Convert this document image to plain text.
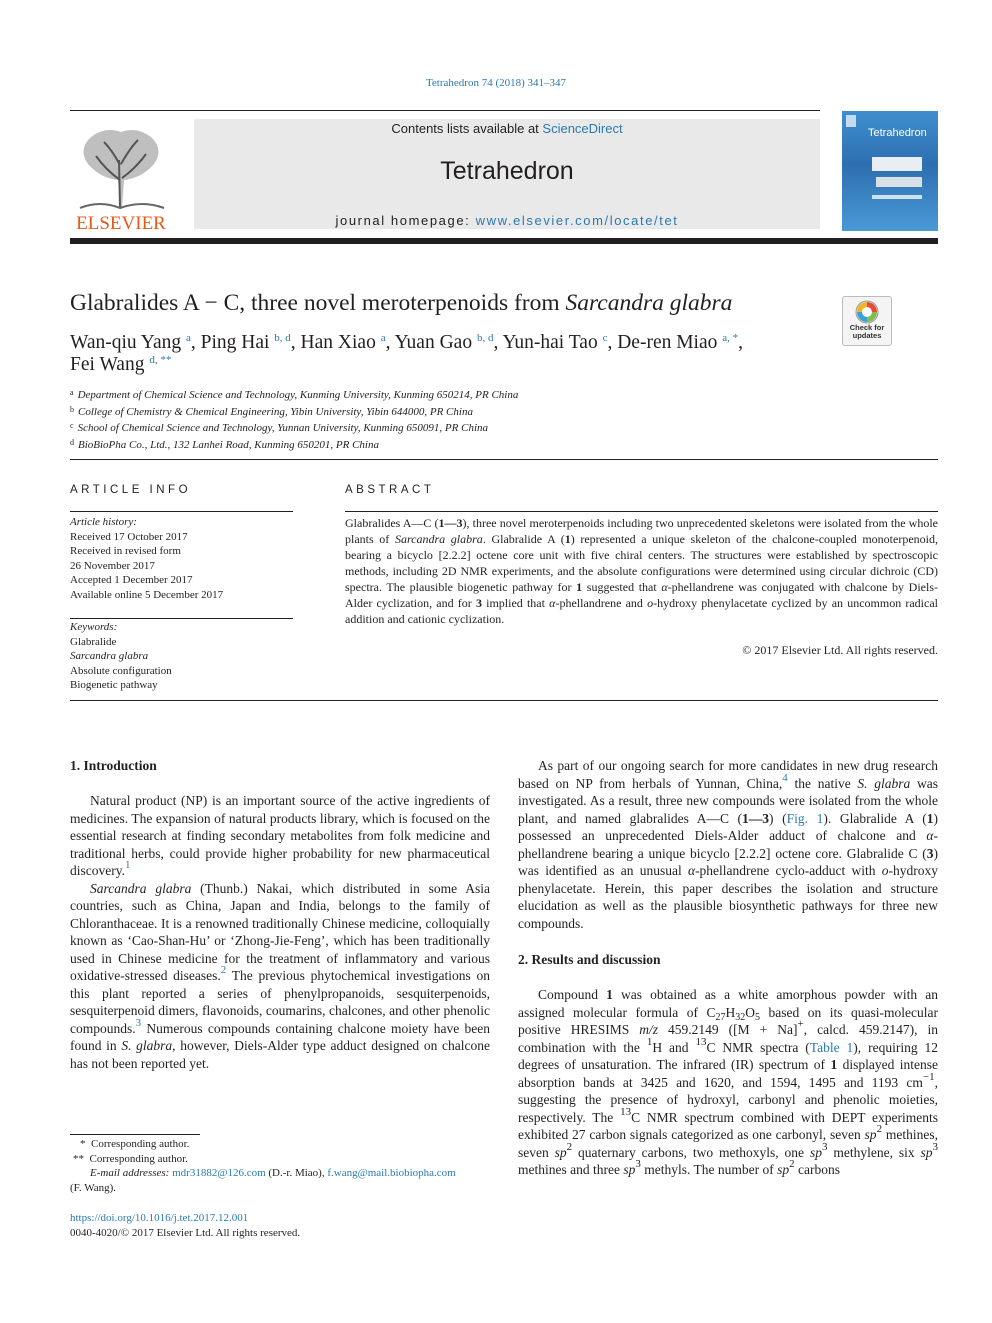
Tetrahedron 74 (2018) 341–347
ELSEVIER
Contents lists available at ScienceDirect
Tetrahedron
journal homepage: www.elsevier.com/locate/tet
Tetrahedron
Glabralides A − C, three novel meroterpenoids from Sarcandra glabra
Check for updates
Wan-qiu Yang $^a$, Ping Hai $^{b, d}$, Han Xiao $^a$, Yuan Gao $^{b, d}$, Yun-hai Tao $^c$, De-ren Miao $^{a, *}$,
Fei Wang $^{d, **}$
$^a$ Department of Chemical Science and Technology, Kunming University, Kunming 650214, PR China
$^b$ College of Chemistry & Chemical Engineering, Yibin University, Yibin 644000, PR China
$^c$ School of Chemical Science and Technology, Yunnan University, Kunming 650091, PR China
$^d$ BioBioPha Co., Ltd., 132 Lanhei Road, Kunming 650201, PR China
ARTICLE INFO	ABSTRACT
Article history:
Received 17 October 2017
Received in revised form
26 November 2017
Accepted 1 December 2017
Available online 5 December 2017
Keywords:
Glabralide
Sarcandra glabra
Absolute configuration
Biogenetic pathway
Glabralides A—C (1—3), three novel meroterpenoids including two unprecedented skeletons were isolated from the whole plants of Sarcandra glabra. Glabralide A (1) represented a unique skeleton of the chalcone-coupled monoterpenoid, bearing a bicyclo [2.2.2] octene core unit with five chiral centers. The structures were established by spectroscopic methods, including 2D NMR experiments, and the absolute configurations were determined using circular dichroic (CD) spectra. The plausible biogenetic pathway for 1 suggested that α-phellandrene was conjugated with chalcone by Diels-Alder cyclization, and for 3 implied that α-phellandrene and o-hydroxy phenylacetate cyclized by an uncommon radical addition and cationic cyclization.
© 2017 Elsevier Ltd. All rights reserved.
1. Introduction

Natural product (NP) is an important source of the active ingredients of medicines. The expansion of natural products library, which is focused on the essential research at finding secondary metabolites from folk medicine and traditional herbs, could provide higher probability for new pharmaceutical discovery.$^1$

Sarcandra glabra (Thunb.) Nakai, which distributed in some Asia countries, such as China, Japan and India, belongs to the family of Chloranthaceae. It is a renowned traditionally Chinese medicine, colloquially known as ‘Cao-Shan-Hu’ or ‘Zhong-Jie-Feng’, which has been traditionally used in Chinese medicine for the treatment of inflammatory and various oxidative-stressed diseases.$^2$ The previous phytochemical investigations on this plant reported a series of phenylpropanoids, sesquiterpenoids, sesquiterpenoid dimers, flavonoids, coumarins, chalcones, and other phenolic compounds.$^3$ Numerous compounds containing chalcone moiety have been found in S. glabra, however, Diels-Alder type adduct designed on chalcone has not been reported yet.

As part of our ongoing search for more candidates in new drug research based on NP from herbals of Yunnan, China,$^4$ the native S. glabra was investigated. As a result, three new compounds were isolated from the whole plant, and named glabralides A—C (1—3) (Fig. 1). Glabralide A (1) possessed an unprecedented Diels-Alder adduct of chalcone and α-phellandrene bearing a unique bicyclo [2.2.2] octene core. Glabralide C (3) was identified as an unusual α-phellandrene cyclo-adduct with o-hydroxy phenylacetate. Herein, this paper describes the isolation and structure elucidation as well as the plausible biosynthetic pathways for three new compounds.

2. Results and discussion

Compound 1 was obtained as a white amorphous powder with an assigned molecular formula of $C_{27}H_{32}O_5$ based on its quasi-molecular positive HRESIMS m/z 459.2149 ([M + Na]+, calcd. 459.2147), in combination with the $^1$H and $^{13}$C NMR spectra (Table 1), requiring 12 degrees of unsaturation. The infrared (IR) spectrum of 1 displayed intense absorption bands at 3425 and 1620, and 1594, 1495 and 1193 $cm^{-1}$, suggesting the presence of hydroxyl, carbonyl and phenolic moieties, respectively. The $^{13}$C NMR spectrum combined with DEPT experiments exhibited 27 carbon signals categorized as one carbonyl, seven $sp^2$ methines, seven $sp^2$ quaternary carbons, two methoxyls, one $sp^3$ methylene, six $sp^3$ methines and three $sp^3$ methyls. The number of $sp^2$ carbons

*  Corresponding author.
**  Corresponding author.
E-mail addresses: mdr31882@126.com (D.-r. Miao), f.wang@mail.biobiopha.com
(F. Wang).
https://doi.org/10.1016/j.tet.2017.12.001
0040-4020/© 2017 Elsevier Ltd. All rights reserved.
